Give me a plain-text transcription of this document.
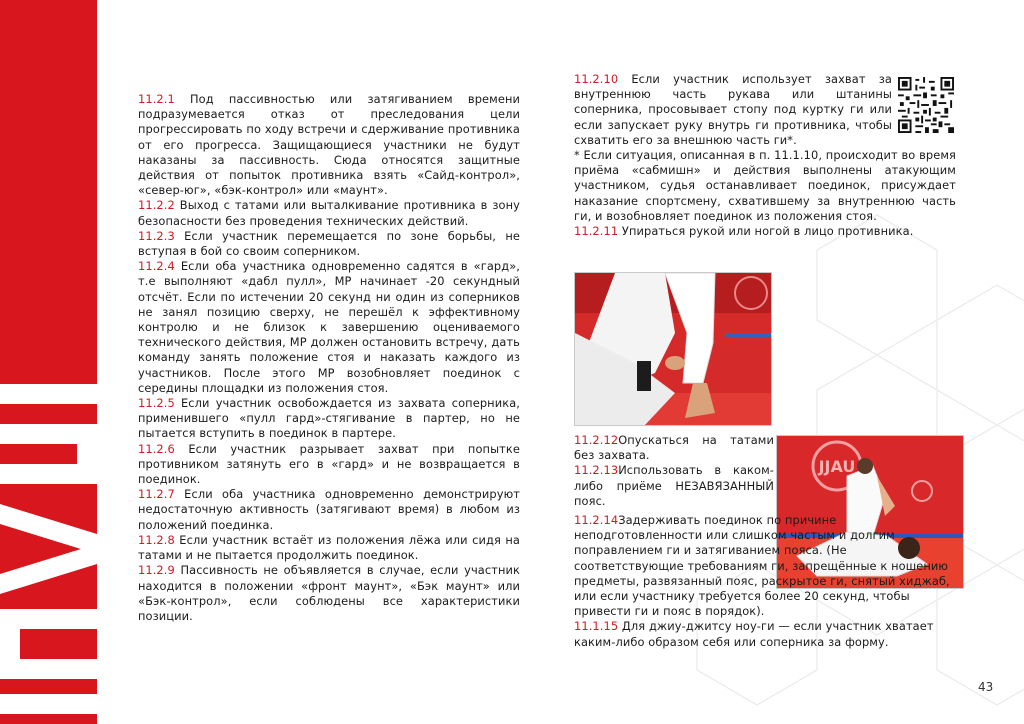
11.2.1 Под пассивностью или затягиванием времени подразумевается отказ от преследования цели прогрессировать по ходу встречи и сдерживание противника от его прогресса. Защищающиеся участники не будут наказаны за пассивность. Сюда относятся защитные действия от попыток противника взять «Сайд-контрол», «север-юг», «бэк-контрол» или «маунт».

11.2.2 Выход с татами или выталкивание противника в зону безопасности без проведения технических действий.

11.2.3 Если участник перемещается по зоне борьбы, не вступая в бой со своим соперником.

11.2.4 Если оба участника одновременно садятся в «гард», т.е выполняют «дабл пулл», МР начинает -20 секундный отсчёт. Если по истечении 20 секунд ни один из соперников не занял позицию сверху, не перешёл к эффективному контролю и не близок к завершению оцениваемого технического действия, МР должен остановить встречу, дать команду занять положение стоя и наказать каждого из участников. После этого МР возобновляет поединок с середины площадки из положения стоя.

11.2.5 Если участник освобождается из захвата соперника, применившего «пулл гард»-стягивание в партер, но не пытается вступить в поединок в партере.

11.2.6 Если участник разрывает захват при попытке противником затянуть его в «гард» и не возвращается в поединок.

11.2.7 Если оба участника одновременно демонстрируют недостаточную активность (затягивают время) в любом из положений поединка.

11.2.8 Если участник встаёт из положения лёжа или сидя на татами и не пытается продолжить поединок.

11.2.9 Пассивность не объявляется в случае, если участник находится в положении «фронт маунт», «Бэк маунт» или «Бэк-контрол», если соблюдены все характеристики позиции.

11.2.10 Если участник использует захват за внутреннюю часть рукава или штанины соперника, просовывает стопу под куртку ги или если запускает руку внутрь ги противника, чтобы схватить его за внешнюю часть ги*.

* Если ситуация, описанная в п. 11.1.10, происходит во время приёма «сабмишн» и действия выполнены атакующим участником, судья останавливает поединок, присуждает наказание спортсмену, схватившему за внутреннюю часть ги, и возобновляет поединок из положения стоя.

11.2.11 Упираться рукой или ногой в лицо противника.

11.2.12Опускаться на татами без захвата.

11.2.13Использовать в каком-либо приёме НЕЗАВЯЗАННЫЙ пояс.

JJAU

11.2.14Задерживать поединок по причине неподготовленности или слишком частым и долгим поправлением ги и затягиванием пояса. (Не соответствующие требованиям ги, запрещённые к ношению предметы, развязанный пояс, раскрытое ги, снятый хиджаб, или если участнику требуется более 20 секунд, чтобы привести ги и пояс в порядок).

11.1.15 Для джиу-джитсу ноу-ги — если участник хватает каким-либо образом себя или соперника за форму.

43
